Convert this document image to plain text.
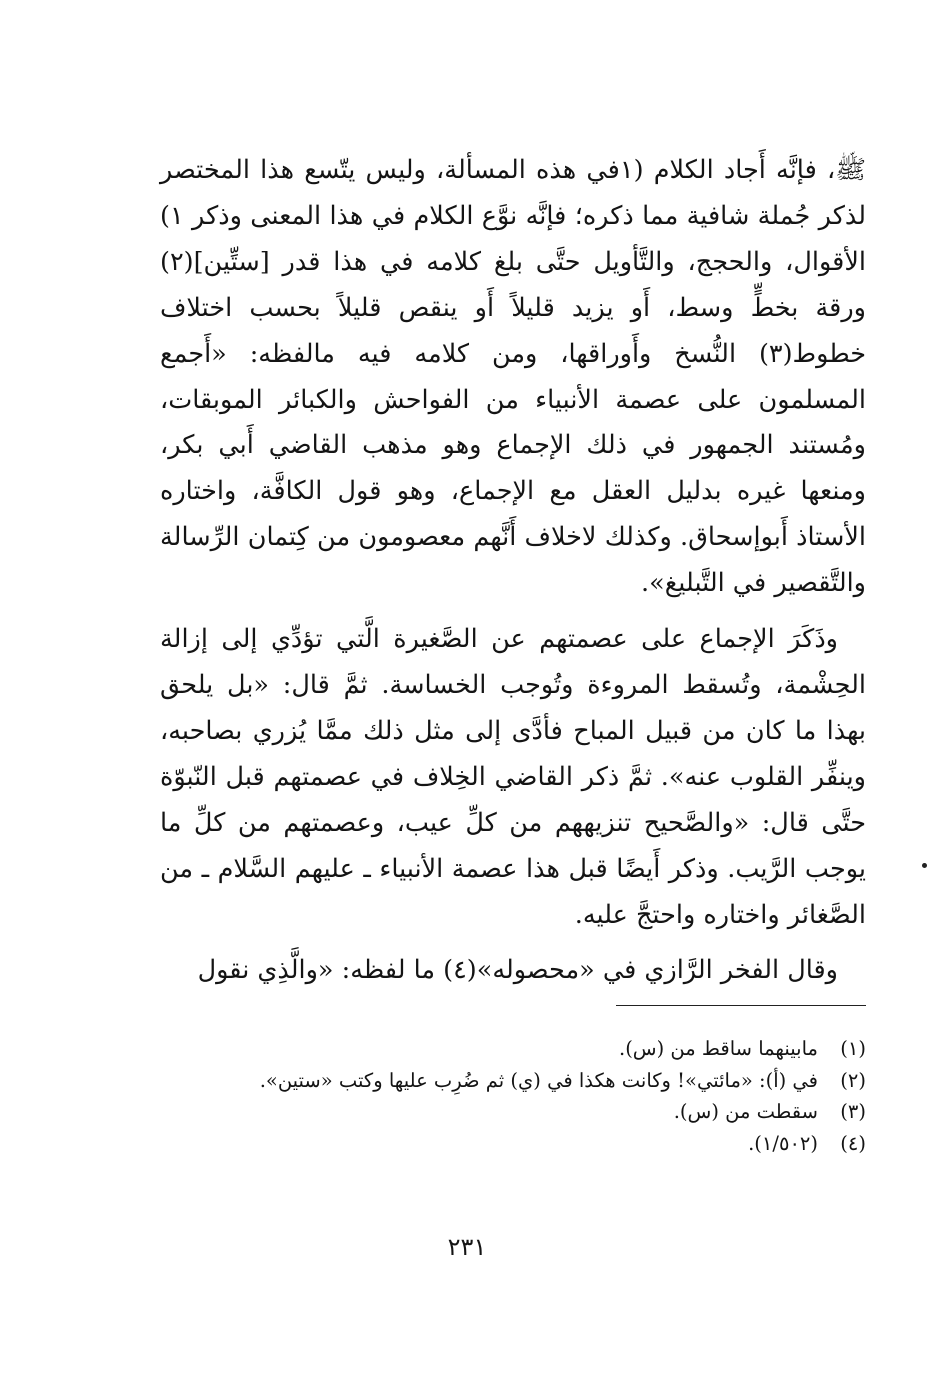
ﷺ، فإنَّه أَجاد الكلام (١في هذه المسألة، وليس يتّسع هذا المختصر لذكر جُملة شافية مما ذكره؛ فإنَّه نوَّع الكلام في هذا المعنى وذكر ١) الأقوال، والحجج، والتَّأويل حتَّى بلغ كلامه في هذا قدر [ستِّين](٢) ورقة بخطٍّ وسط، أَو يزيد قليلاً أَو ينقص قليلاً بحسب اختلاف خطوط(٣) النُّسخ وأَوراقها، ومن كلامه فيه مالفظه: «أَجمع المسلمون على عصمة الأنبياء من الفواحش والكبائر الموبقات، ومُستند الجمهور في ذلك الإجماع وهو مذهب القاضي أَبي بكر، ومنعها غيره بدليل العقل مع الإجماع، وهو قول الكافَّة، واختاره الأستاذ أَبوإسحاق. وكذلك لاخلاف أَنَّهم معصومون من كِتمان الرِّسالة والتَّقصير في التَّبليغ».

وذَكَرَ الإجماع على عصمتهم عن الصَّغيرة الَّتي تؤدِّي إلى إزالة الحِشْمة، وتُسقط المروءة وتُوجب الخساسة. ثمَّ قال: «بل يلحق بهذا ما كان من قبيل المباح فأدَّى إلى مثل ذلك ممَّا يُزري بصاحبه، وينفِّر القلوب عنه». ثمَّ ذكر القاضي الخِلاف في عصمتهم قبل النّبوّة حتَّى قال: «والصَّحيح تنزيههم من كلِّ عيب، وعصمتهم من كلِّ ما يوجب الرَّيب. وذكر أَيضًا قبل هذا عصمة الأنبياء ـ عليهم السَّلام ـ من الصَّغائر واختاره واحتجَّ عليه.

وقال الفخر الرَّازي في «محصوله»(٤) ما لفظه: «والَّذِي نقول

(١)
مابينهما ساقط من (س).
(٢)
في (أ): «مائتي»! وكانت هكذا في (ي) ثم ضُرِب عليها وكتب «ستين».
(٣)
سقطت من (س).
(٤)
(١/٥٠٢).
٢٣١
